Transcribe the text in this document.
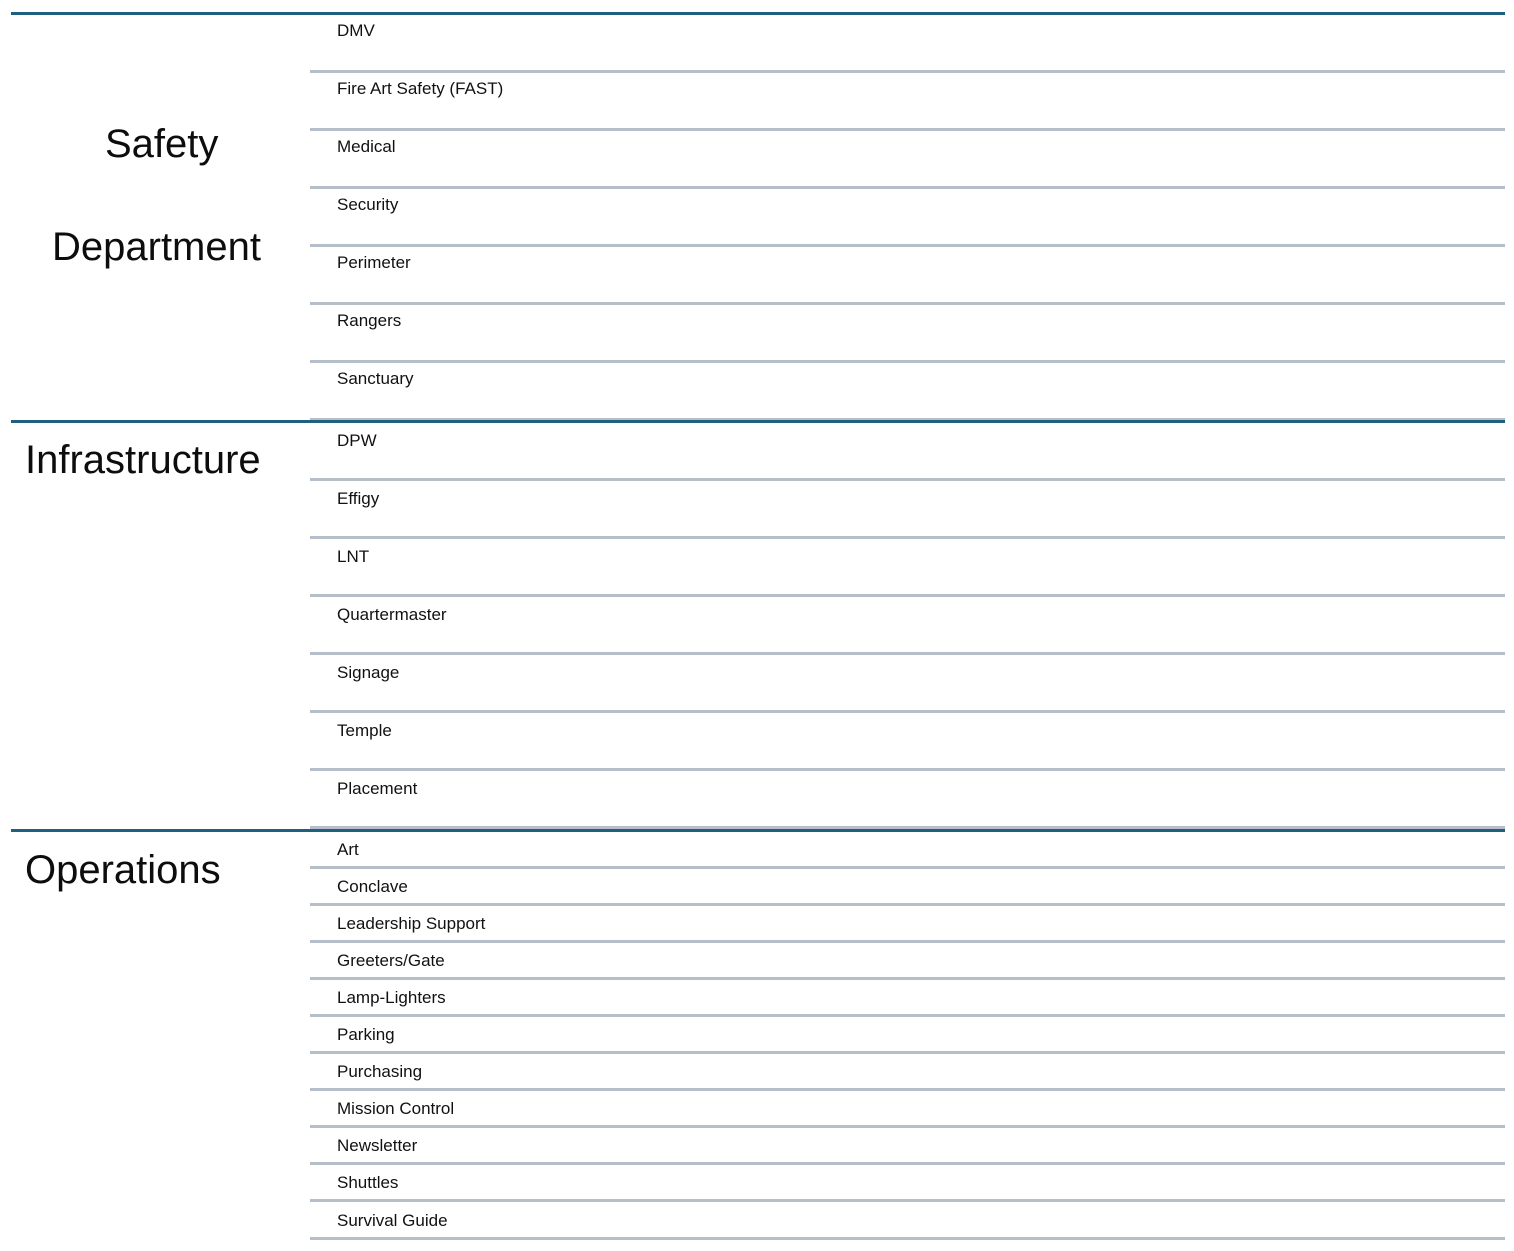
Safety
Department
DMV
Fire Art Safety (FAST)
Medical
Security
Perimeter
Rangers
Sanctuary
Infrastructure	DPW
Effigy
LNT
Quartermaster
Signage
Temple
Placement
Operations	Art
Conclave
Leadership Support
Greeters/Gate
Lamp-Lighters
Parking
Purchasing
Mission Control
Newsletter
Shuttles
Survival Guide
